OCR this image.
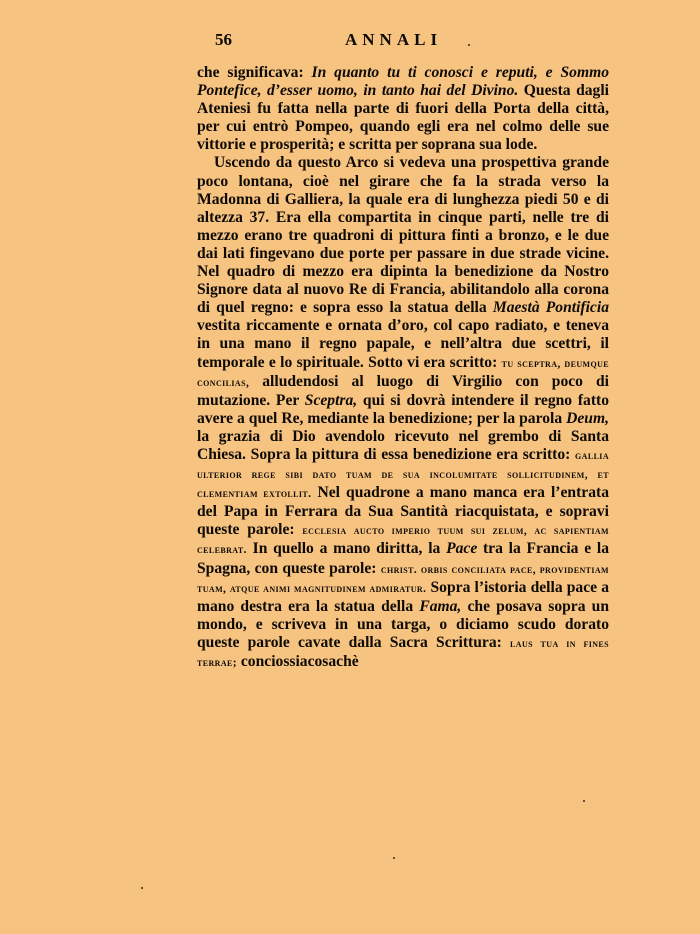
56	ANNALI

che significava: In quanto tu ti conosci e reputi, e Sommo Pontefice, d’esser uomo, in tanto hai del Divino. Questa dagli Ateniesi fu fatta nella parte di fuori della Porta della città, per cui entrò Pompeo, quando egli era nel colmo delle sue vittorie e prosperità; e scritta per soprana sua lode.

Uscendo da questo Arco si vedeva una prospettiva grande poco lontana, cioè nel girare che fa la strada verso la Madonna di Galliera, la quale era di lunghezza piedi 50 e di altezza 37. Era ella compartita in cinque parti, nelle tre di mezzo erano tre quadroni di pittura finti a bronzo, e le due dai lati fingevano due porte per passare in due strade vicine. Nel quadro di mezzo era dipinta la benedizione da Nostro Signore data al nuovo Re di Francia, abilitandolo alla corona di quel regno: e sopra esso la statua della Maestà Pontificia vestita riccamente e ornata d’oro, col capo radiato, e teneva in una mano il regno papale, e nell’altra due scettri, il temporale e lo spirituale. Sotto vi era scritto: tu sceptra, deumque concilias, alludendosi al luogo di Virgilio con poco di mutazione. Per Sceptra, qui si dovrà intendere il regno fatto avere a quel Re, mediante la benedizione; per la parola Deum, la grazia di Dio avendolo ricevuto nel grembo di Santa Chiesa. Sopra la pittura di essa benedizione era scritto: gallia ulterior rege sibi dato tuam de sua incolumitate sollicitudinem, et clementiam extollit. Nel quadrone a mano manca era l’entrata del Papa in Ferrara da Sua Santità riacquistata, e sopravi queste parole: ecclesia aucto imperio tuum sui zelum, ac sapientiam celebrat. In quello a mano diritta, la Pace tra la Francia e la Spagna, con queste parole: christ. orbis conciliata pace, providentiam tuam, atque animi magnitudinem admiratur. Sopra l’istoria della pace a mano destra era la statua della Fama, che posava sopra un mondo, e scriveva in una targa, o diciamo scudo dorato queste parole cavate dalla Sacra Scrittura: laus tua in fines terrae; conciossiacosachè
